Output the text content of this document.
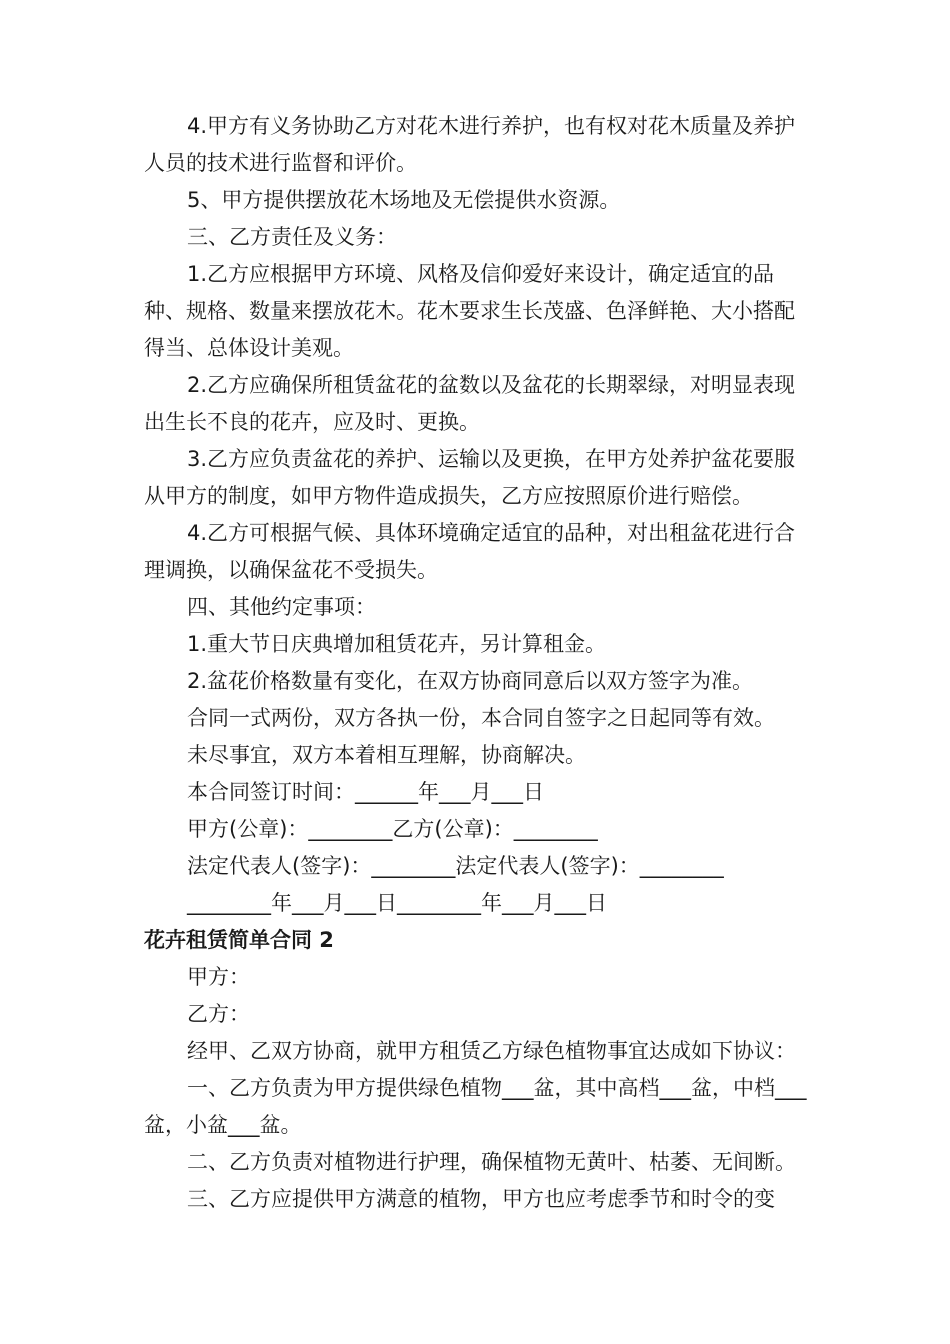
4.甲方有义务协助乙方对花木进行养护，也有权对花木质量及养护人员的技术进行监督和评价。

5、甲方提供摆放花木场地及无偿提供水资源。

三、乙方责任及义务：

1.乙方应根据甲方环境、风格及信仰爱好来设计，确定适宜的品种、规格、数量来摆放花木。花木要求生长茂盛、色泽鲜艳、大小搭配得当、总体设计美观。

2.乙方应确保所租赁盆花的盆数以及盆花的长期翠绿，对明显表现出生长不良的花卉，应及时、更换。

3.乙方应负责盆花的养护、运输以及更换，在甲方处养护盆花要服从甲方的制度，如甲方物件造成损失，乙方应按照原价进行赔偿。

4.乙方可根据气候、具体环境确定适宜的品种，对出租盆花进行合理调换，以确保盆花不受损失。

四、其他约定事项：

1.重大节日庆典增加租赁花卉，另计算租金。

2.盆花价格数量有变化，在双方协商同意后以双方签字为准。

合同一式两份，双方各执一份，本合同自签字之日起同等有效。

未尽事宜，双方本着相互理解，协商解决。

本合同签订时间：______年___月___日

甲方(公章)：________乙方(公章)：________

法定代表人(签字)：________法定代表人(签字)：________

________年___月___日________年___月___日

花卉租赁简单合同 2

甲方：

乙方：

经甲、乙双方协商，就甲方租赁乙方绿色植物事宜达成如下协议：

一、乙方负责为甲方提供绿色植物___盆，其中高档___盆，中档___盆，小盆___盆。

二、乙方负责对植物进行护理，确保植物无黄叶、枯萎、无间断。

三、乙方应提供甲方满意的植物，甲方也应考虑季节和时令的变
